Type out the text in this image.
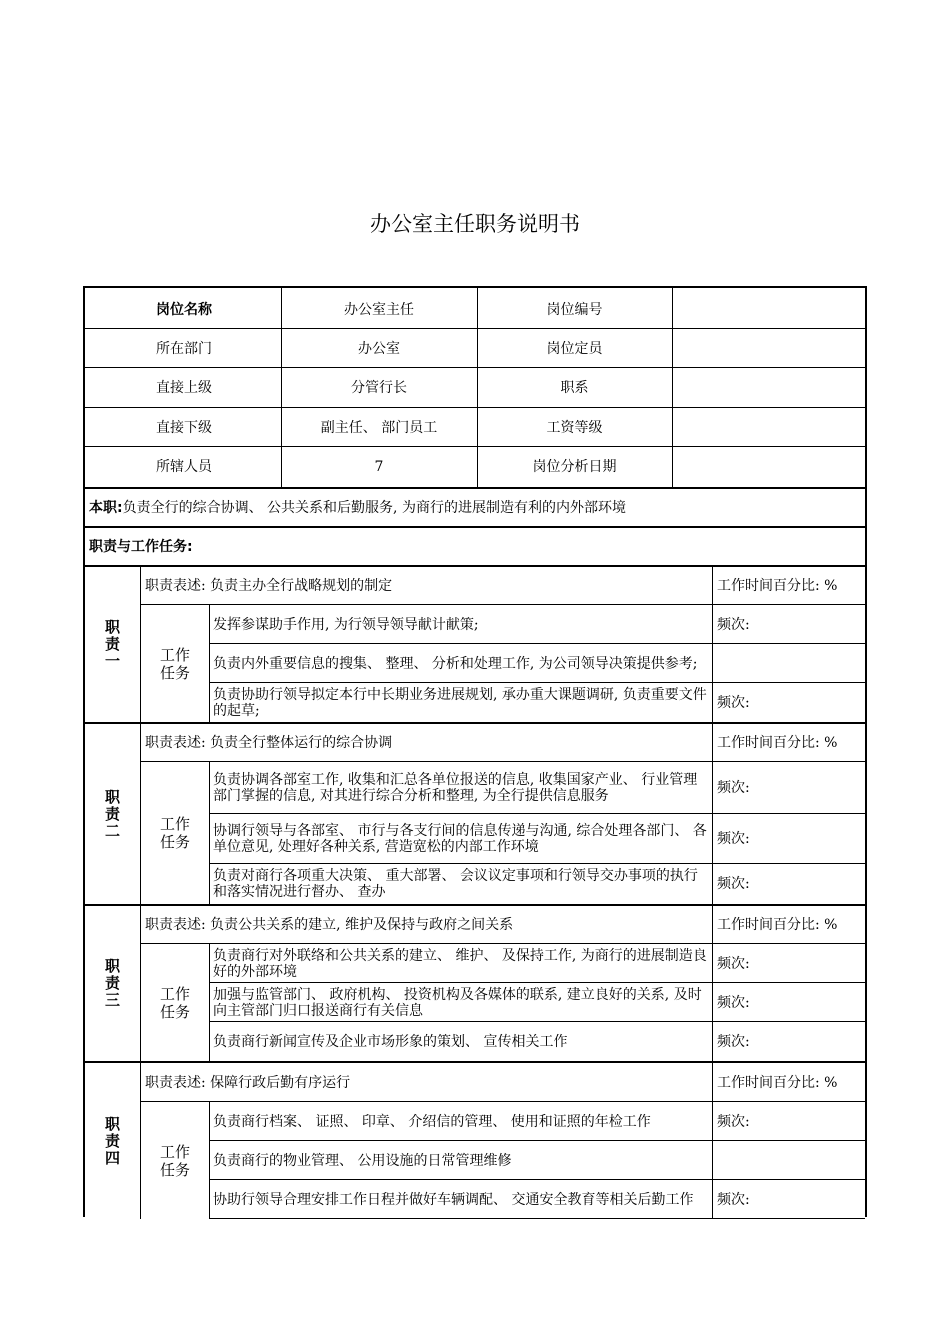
办公室主任职务说明书
岗位名称	办公室主任	岗位编号
所在部门	办公室	岗位定员
直接上级	分管行长	职系
直接下级	副主任、 部门员工	工资等级
所辖人员	7	岗位分析日期
本职: 负责全行的综合协调、 公共关系和后勤服务, 为商行的进展制造有利的内外部环境
职责与工作任务:
职责一
职责表述: 负责主办全行战略规划的制定	工作时间百分比: %
工作任务
发挥参谋助手作用, 为行领导领导献计献策;	频次:
负责内外重要信息的搜集、 整理、 分析和处理工作, 为公司领导决策提供参考;
负责协助行领导拟定本行中长期业务进展规划, 承办重大课题调研, 负责重要文件的起草;	频次:
职责二
职责表述: 负责全行整体运行的综合协调	工作时间百分比: %
工作任务
负责协调各部室工作, 收集和汇总各单位报送的信息, 收集国家产业、 行业管理部门掌握的信息, 对其进行综合分析和整理, 为全行提供信息服务	频次:
协调行领导与各部室、 市行与各支行间的信息传递与沟通, 综合处理各部门、 各单位意见, 处理好各种关系, 营造宽松的内部工作环境	频次:
负责对商行各项重大决策、 重大部署、 会议议定事项和行领导交办事项的执行和落实情况进行督办、 查办	频次:
职责三
职责表述: 负责公共关系的建立, 维护及保持与政府之间关系	工作时间百分比: %
工作任务
负责商行对外联络和公共关系的建立、 维护、 及保持工作, 为商行的进展制造良好的外部环境	频次:
加强与监管部门、 政府机构、 投资机构及各媒体的联系, 建立良好的关系, 及时向主管部门归口报送商行有关信息	频次:
负责商行新闻宣传及企业市场形象的策划、 宣传相关工作	频次:
职责四
职责表述: 保障行政后勤有序运行	工作时间百分比: %
工作任务
负责商行档案、 证照、 印章、 介绍信的管理、 使用和证照的年检工作	频次:
负责商行的物业管理、 公用设施的日常管理维修
协助行领导合理安排工作日程并做好车辆调配、 交通安全教育等相关后勤工作	频次:
